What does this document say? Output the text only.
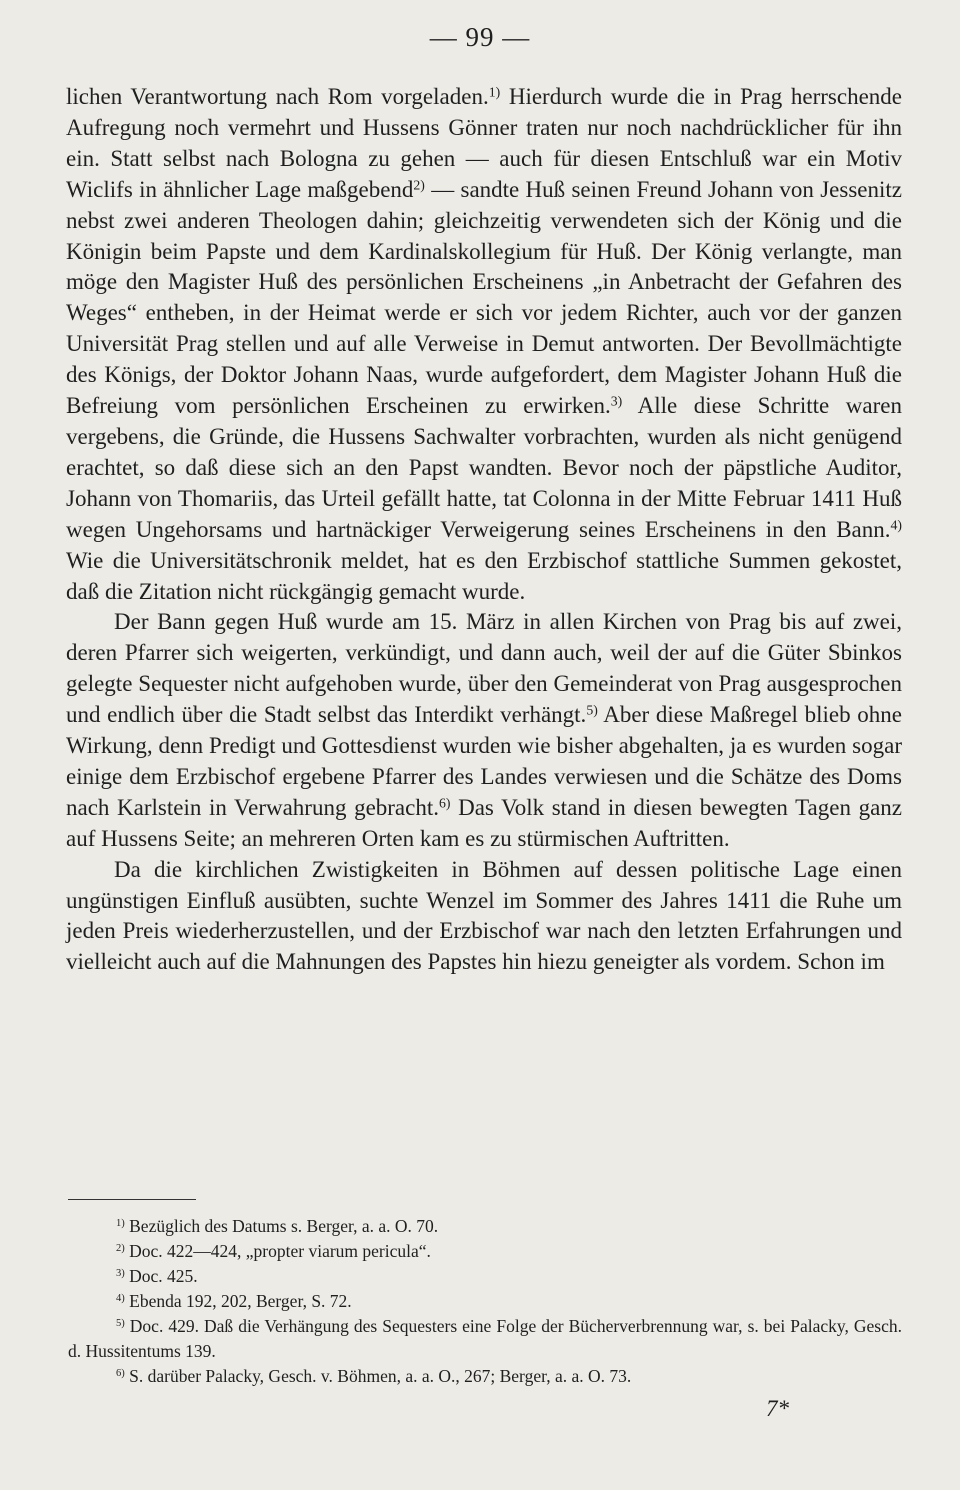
— 99 —

lichen Verantwortung nach Rom vorgeladen.$^{1)}$ Hierdurch wurde die in Prag herrschende Aufregung noch vermehrt und Hussens Gönner traten nur noch nachdrücklicher für ihn ein. Statt selbst nach Bologna zu gehen — auch für diesen Entschluß war ein Motiv Wiclifs in ähnlicher Lage maßgebend$^{2)}$ — sandte Huß seinen Freund Johann von Jessenitz nebst zwei anderen Theologen dahin; gleichzeitig verwendeten sich der König und die Königin beim Papste und dem Kardinalskollegium für Huß. Der König verlangte, man möge den Magister Huß des persönlichen Erscheinens „in Anbetracht der Gefahren des Weges“ entheben, in der Heimat werde er sich vor jedem Richter, auch vor der ganzen Universität Prag stellen und auf alle Verweise in Demut antworten. Der Bevollmächtigte des Königs, der Doktor Johann Naas, wurde aufgefordert, dem Magister Johann Huß die Befreiung vom persönlichen Erscheinen zu erwirken.$^{3)}$ Alle diese Schritte waren vergebens, die Gründe, die Hussens Sachwalter vorbrachten, wurden als nicht genügend erachtet, so daß diese sich an den Papst wandten. Bevor noch der päpstliche Auditor, Johann von Thomariis, das Urteil gefällt hatte, tat Colonna in der Mitte Februar 1411 Huß wegen Ungehorsams und hartnäckiger Verweigerung seines Erscheinens in den Bann.$^{4)}$ Wie die Universitätschronik meldet, hat es den Erzbischof stattliche Summen gekostet, daß die Zitation nicht rückgängig gemacht wurde.

Der Bann gegen Huß wurde am 15. März in allen Kirchen von Prag bis auf zwei, deren Pfarrer sich weigerten, verkündigt, und dann auch, weil der auf die Güter Sbinkos gelegte Sequester nicht aufgehoben wurde, über den Gemeinderat von Prag ausgesprochen und endlich über die Stadt selbst das Interdikt verhängt.$^{5)}$ Aber diese Maßregel blieb ohne Wirkung, denn Predigt und Gottesdienst wurden wie bisher abgehalten, ja es wurden sogar einige dem Erzbischof ergebene Pfarrer des Landes verwiesen und die Schätze des Doms nach Karlstein in Verwahrung gebracht.$^{6)}$ Das Volk stand in diesen bewegten Tagen ganz auf Hussens Seite; an mehreren Orten kam es zu stürmischen Auftritten.

Da die kirchlichen Zwistigkeiten in Böhmen auf dessen politische Lage einen ungünstigen Einfluß ausübten, suchte Wenzel im Sommer des Jahres 1411 die Ruhe um jeden Preis wiederherzustellen, und der Erzbischof war nach den letzten Erfahrungen und vielleicht auch auf die Mahnungen des Papstes hin hiezu geneigter als vordem. Schon im

$^{1)}$ Bezüglich des Datums s. Berger, a. a. O. 70.

$^{2)}$ Doc. 422—424, „propter viarum pericula“.

$^{3)}$ Doc. 425.

$^{4)}$ Ebenda 192, 202, Berger, S. 72.

$^{5)}$ Doc. 429. Daß die Verhängung des Sequesters eine Folge der Bücherverbrennung war, s. bei Palacky, Gesch. d. Hussitentums 139.

$^{6)}$ S. darüber Palacky, Gesch. v. Böhmen, a. a. O., 267; Berger, a. a. O. 73.

7*
